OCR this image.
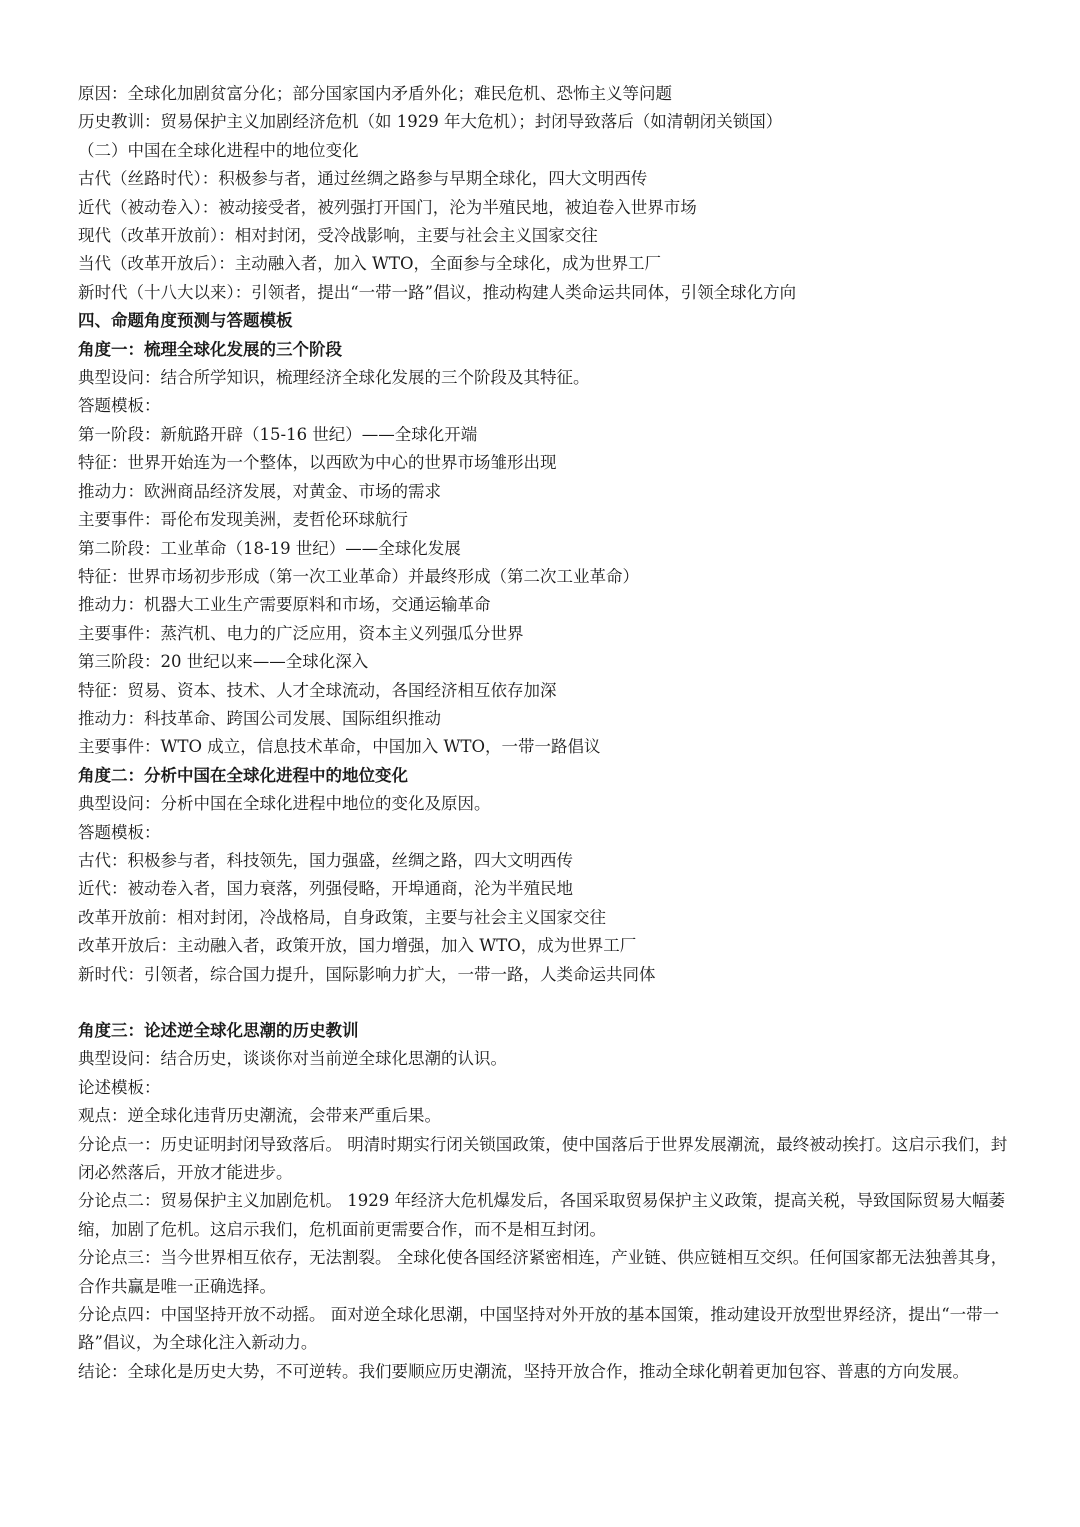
原因：全球化加剧贫富分化；部分国家国内矛盾外化；难民危机、恐怖主义等问题

历史教训：贸易保护主义加剧经济危机（如 1929 年大危机）；封闭导致落后（如清朝闭关锁国）

（二）中国在全球化进程中的地位变化

古代（丝路时代）：积极参与者，通过丝绸之路参与早期全球化，四大文明西传

近代（被动卷入）：被动接受者，被列强打开国门，沦为半殖民地，被迫卷入世界市场

现代（改革开放前）：相对封闭，受冷战影响，主要与社会主义国家交往

当代（改革开放后）：主动融入者，加入 WTO，全面参与全球化，成为世界工厂

新时代（十八大以来）：引领者，提出“一带一路”倡议，推动构建人类命运共同体，引领全球化方向

四、命题角度预测与答题模板

角度一：梳理全球化发展的三个阶段

典型设问：结合所学知识，梳理经济全球化发展的三个阶段及其特征。

答题模板：

第一阶段：新航路开辟（15-16 世纪）——全球化开端

特征：世界开始连为一个整体，以西欧为中心的世界市场雏形出现

推动力：欧洲商品经济发展，对黄金、市场的需求

主要事件：哥伦布发现美洲，麦哲伦环球航行

第二阶段：工业革命（18-19 世纪）——全球化发展

特征：世界市场初步形成（第一次工业革命）并最终形成（第二次工业革命）

推动力：机器大工业生产需要原料和市场，交通运输革命

主要事件：蒸汽机、电力的广泛应用，资本主义列强瓜分世界

第三阶段：20 世纪以来——全球化深入

特征：贸易、资本、技术、人才全球流动，各国经济相互依存加深

推动力：科技革命、跨国公司发展、国际组织推动

主要事件：WTO 成立，信息技术革命，中国加入 WTO，一带一路倡议

角度二：分析中国在全球化进程中的地位变化

典型设问：分析中国在全球化进程中地位的变化及原因。

答题模板：

古代：积极参与者，科技领先，国力强盛，丝绸之路，四大文明西传

近代：被动卷入者，国力衰落，列强侵略，开埠通商，沦为半殖民地

改革开放前：相对封闭，冷战格局，自身政策，主要与社会主义国家交往

改革开放后：主动融入者，政策开放，国力增强，加入 WTO，成为世界工厂

新时代：引领者，综合国力提升，国际影响力扩大，一带一路，人类命运共同体

角度三：论述逆全球化思潮的历史教训

典型设问：结合历史，谈谈你对当前逆全球化思潮的认识。

论述模板：

观点：逆全球化违背历史潮流，会带来严重后果。

分论点一：历史证明封闭导致落后。 明清时期实行闭关锁国政策，使中国落后于世界发展潮流，最终被动挨打。这启示我们，封闭必然落后，开放才能进步。

分论点二：贸易保护主义加剧危机。 1929 年经济大危机爆发后，各国采取贸易保护主义政策，提高关税，导致国际贸易大幅萎缩，加剧了危机。这启示我们，危机面前更需要合作，而不是相互封闭。

分论点三：当今世界相互依存，无法割裂。 全球化使各国经济紧密相连，产业链、供应链相互交织。任何国家都无法独善其身，合作共赢是唯一正确选择。

分论点四：中国坚持开放不动摇。 面对逆全球化思潮，中国坚持对外开放的基本国策，推动建设开放型世界经济，提出“一带一路”倡议，为全球化注入新动力。

结论：全球化是历史大势，不可逆转。我们要顺应历史潮流，坚持开放合作，推动全球化朝着更加包容、普惠的方向发展。
